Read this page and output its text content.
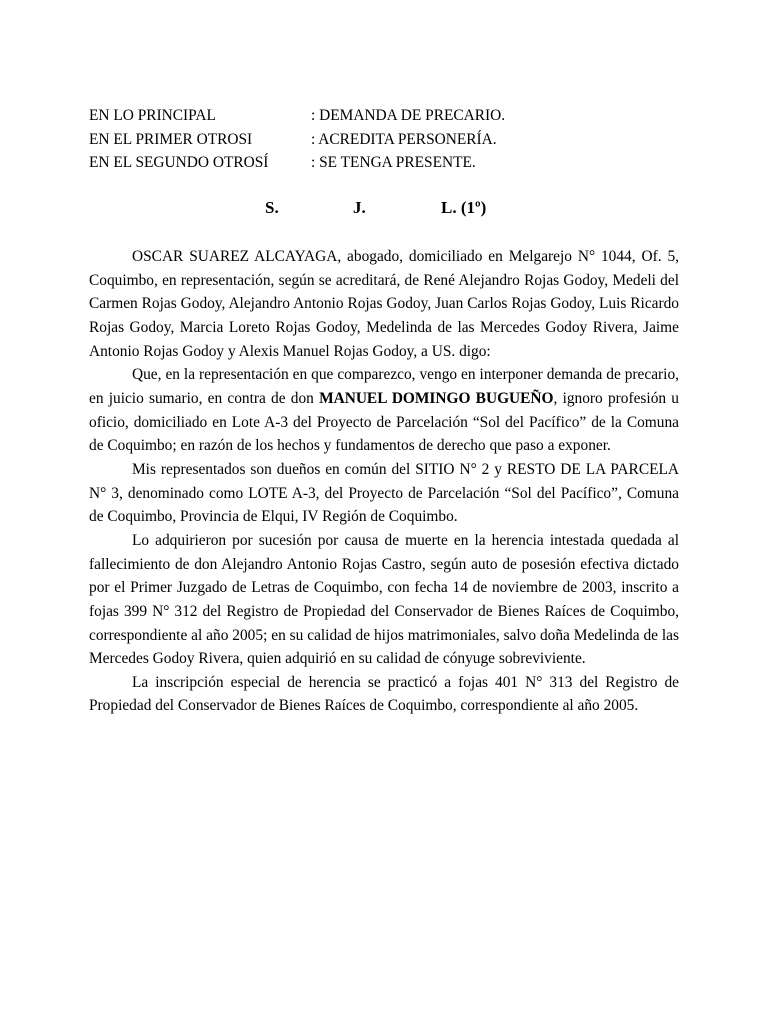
EN LO PRINCIPAL	: DEMANDA DE PRECARIO.
EN EL PRIMER OTROSI	: ACREDITA PERSONERÍA.
EN EL SEGUNDO OTROSÍ	: SE TENGA PRESENTE.
S.	J.	L. (1º)

OSCAR SUAREZ ALCAYAGA, abogado, domiciliado en Melgarejo N° 1044, Of. 5, Coquimbo, en representación, según se acreditará, de René Alejandro Rojas Godoy, Medeli del Carmen Rojas Godoy, Alejandro Antonio Rojas Godoy, Juan Carlos Rojas Godoy, Luis Ricardo Rojas Godoy, Marcia Loreto Rojas Godoy, Medelinda de las Mercedes Godoy Rivera, Jaime Antonio Rojas Godoy y Alexis Manuel Rojas Godoy, a US. digo:

Que, en la representación en que comparezco, vengo en interponer demanda de precario, en juicio sumario, en contra de don MANUEL DOMINGO BUGUEÑO, ignoro profesión u oficio, domiciliado en Lote A-3 del Proyecto de Parcelación “Sol del Pacífico” de la Comuna de Coquimbo; en razón de los hechos y fundamentos de derecho que paso a exponer.

Mis representados son dueños en común del SITIO N° 2 y RESTO DE LA PARCELA N° 3, denominado como LOTE A-3, del Proyecto de Parcelación “Sol del Pacífico”, Comuna de Coquimbo, Provincia de Elqui, IV Región de Coquimbo.

Lo adquirieron por sucesión por causa de muerte en la herencia intestada quedada al fallecimiento de don Alejandro Antonio Rojas Castro, según auto de posesión efectiva dictado por el Primer Juzgado de Letras de Coquimbo, con fecha 14 de noviembre de 2003, inscrito a fojas 399 N° 312 del Registro de Propiedad del Conservador de Bienes Raíces de Coquimbo, correspondiente al año 2005; en su calidad de hijos matrimoniales, salvo doña Medelinda de las Mercedes Godoy Rivera, quien adquirió en su calidad de cónyuge sobreviviente.

La inscripción especial de herencia se practicó a fojas 401 N° 313 del Registro de Propiedad del Conservador de Bienes Raíces de Coquimbo, correspondiente al año 2005.
